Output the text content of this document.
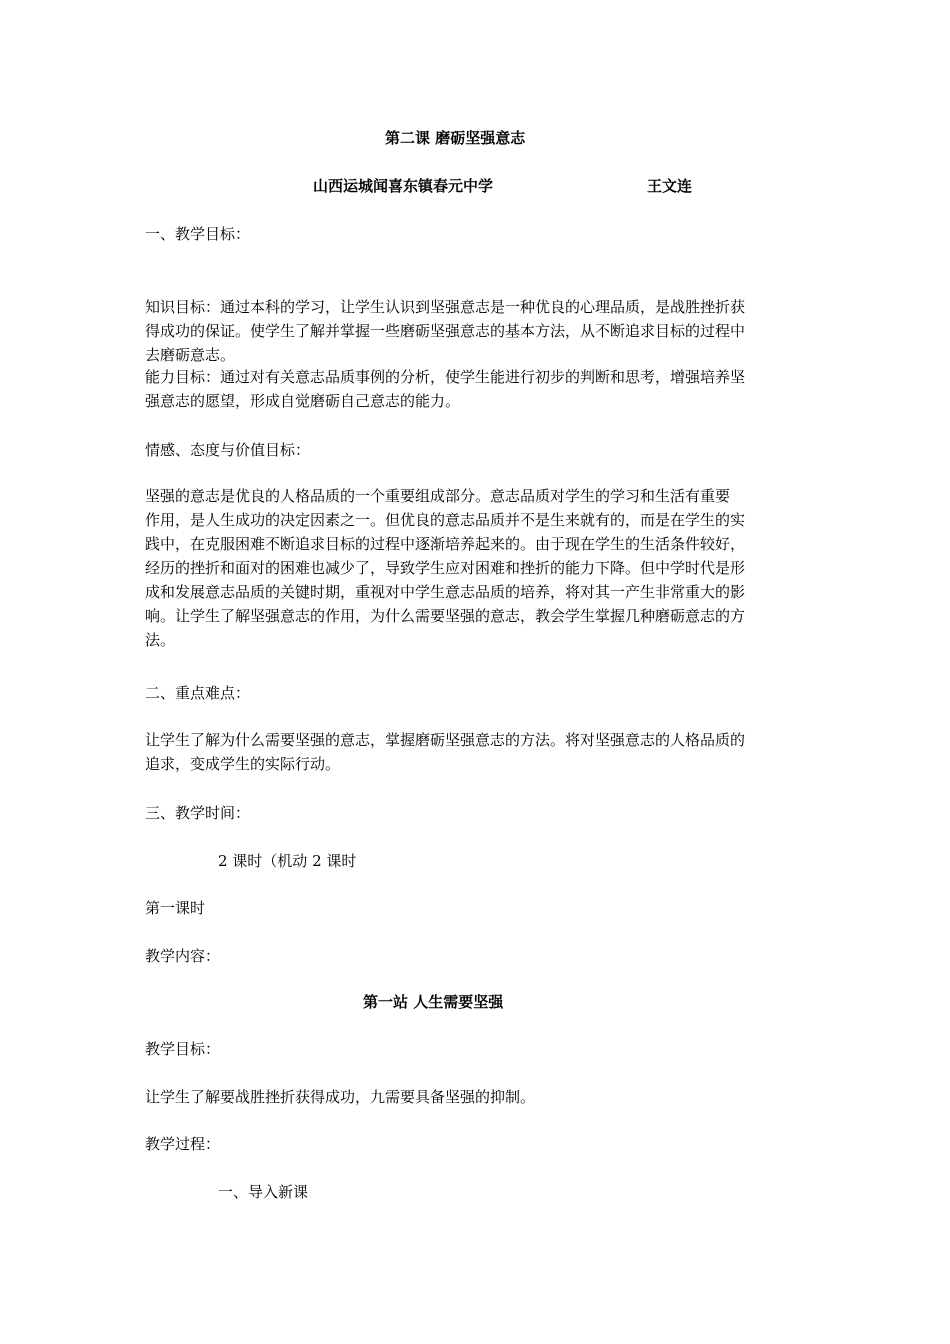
第二课 磨砺坚强意志
山西运城闻喜东镇春元中学	王文连
一、教学目标：
知识目标：通过本科的学习，让学生认识到坚强意志是一种优良的心理品质，是战胜挫折获
得成功的保证。使学生了解并掌握一些磨砺坚强意志的基本方法，从不断追求目标的过程中
去磨砺意志。
能力目标：通过对有关意志品质事例的分析，使学生能进行初步的判断和思考，增强培养坚
强意志的愿望，形成自觉磨砺自己意志的能力。
情感、态度与价值目标：
坚强的意志是优良的人格品质的一个重要组成部分。意志品质对学生的学习和生活有重要
作用，是人生成功的决定因素之一。但优良的意志品质并不是生来就有的，而是在学生的实
践中，在克服困难不断追求目标的过程中逐渐培养起来的。由于现在学生的生活条件较好，
经历的挫折和面对的困难也减少了，导致学生应对困难和挫折的能力下降。但中学时代是形
成和发展意志品质的关键时期，重视对中学生意志品质的培养，将对其一产生非常重大的影
响。让学生了解坚强意志的作用，为什么需要坚强的意志，教会学生掌握几种磨砺意志的方
法。
二、重点难点：
让学生了解为什么需要坚强的意志，掌握磨砺坚强意志的方法。将对坚强意志的人格品质的
追求，变成学生的实际行动。
三、教学时间：
2 课时（机动 2 课时
第一课时
教学内容：
第一站 人生需要坚强
教学目标：
让学生了解要战胜挫折获得成功，九需要具备坚强的抑制。
教学过程：
一、导入新课
